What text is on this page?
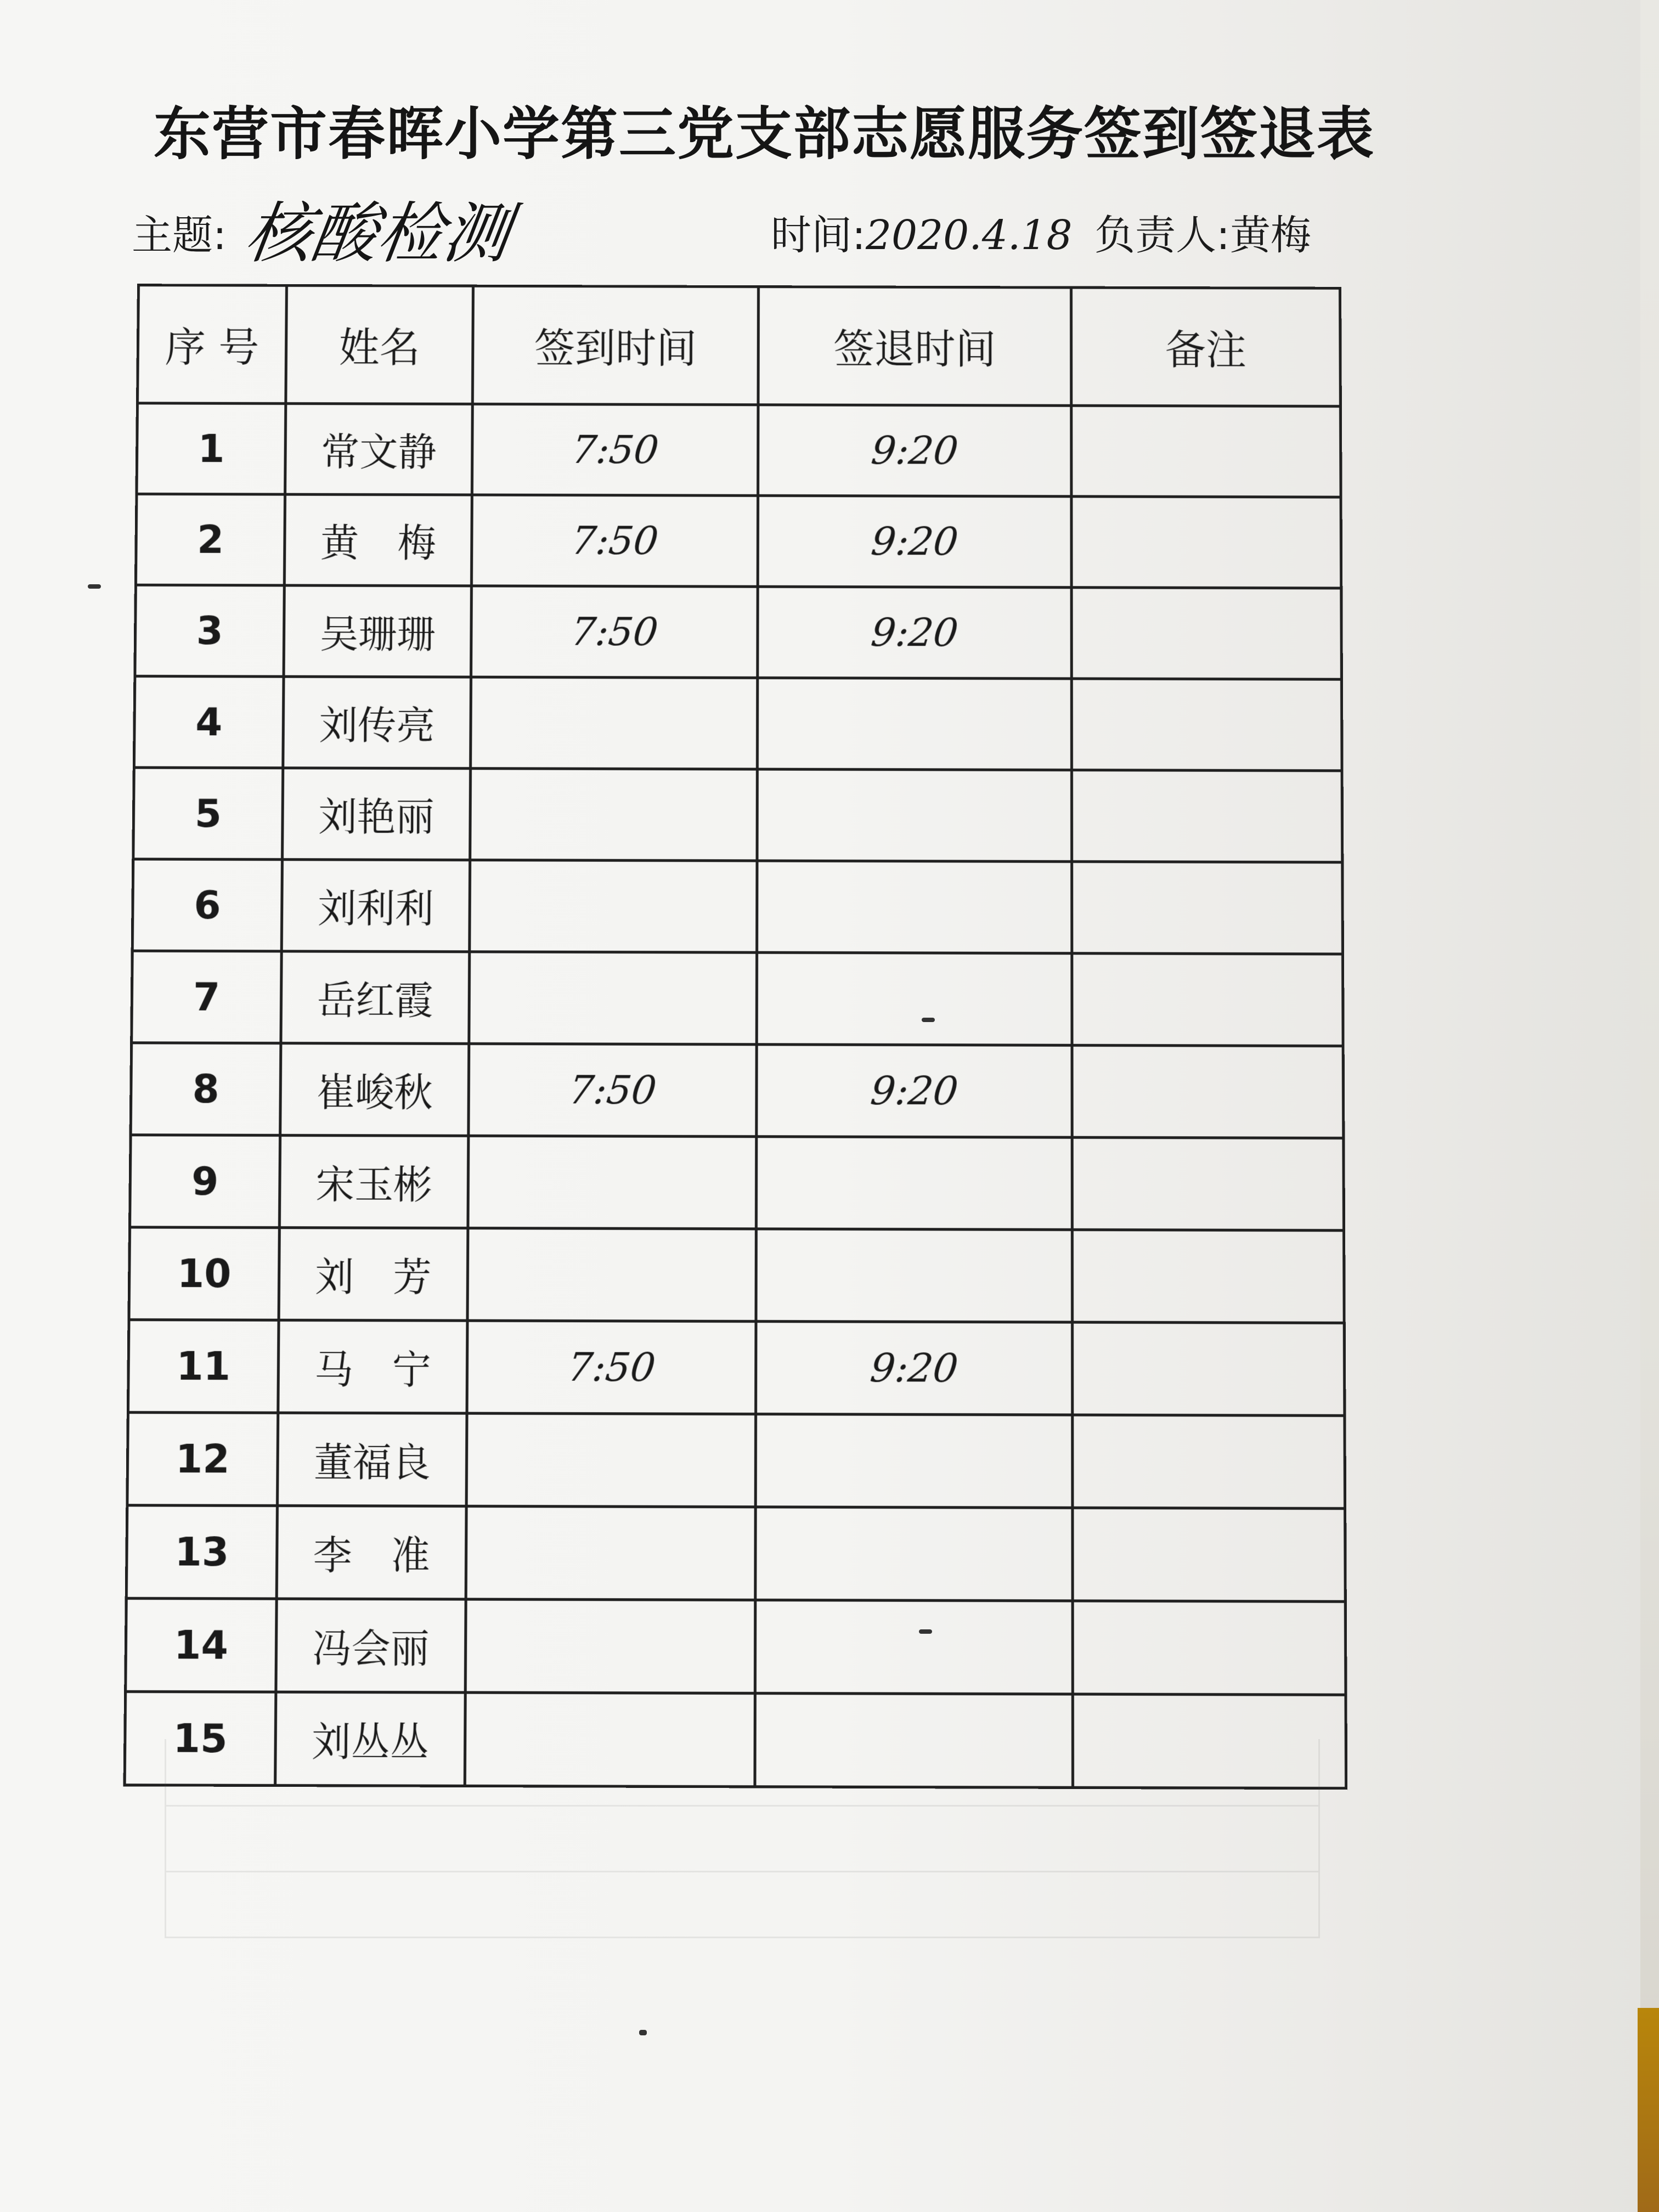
东营市春晖小学第三党支部志愿服务签到签退表
主题: 核酸检测	时间:2020.4.18 负责人:黄梅
序 号	姓名	签到时间	签退时间	备注
1	常文静	7:50	9:20	
2	黄　梅	7:50	9:20	
3	吴珊珊	7:50	9:20	
4	刘传亮			
5	刘艳丽			
6	刘利利			
7	岳红霞			
8	崔峻秋	7:50	9:20	
9	宋玉彬			
10	刘　芳			
11	马　宁	7:50	9:20	
12	董福良			
13	李　准			
14	冯会丽			
15	刘丛丛			
